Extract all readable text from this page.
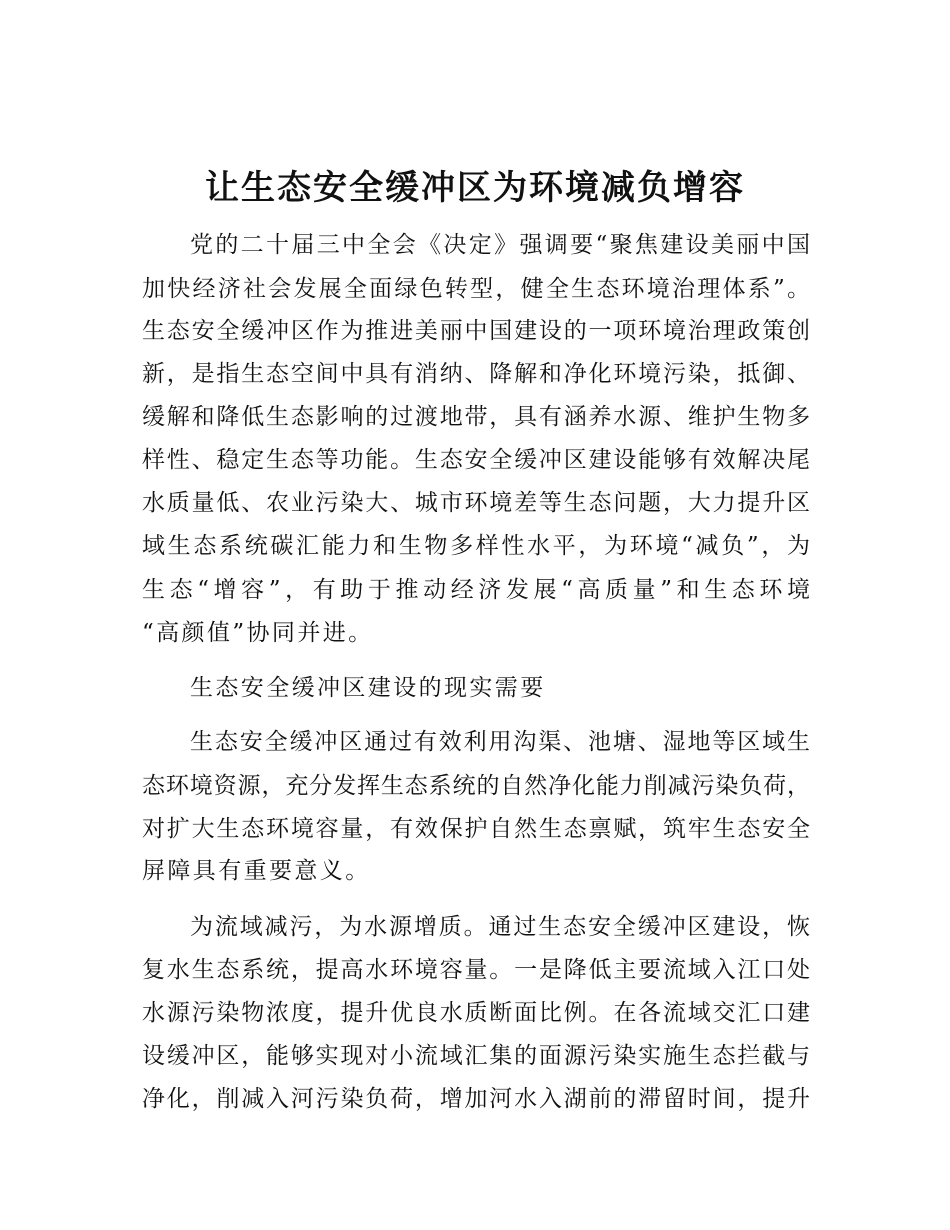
让生态安全缓冲区为环境减负增容
党的二十届三中全会《决定》强调要“聚焦建设美丽中国
加快经济社会发展全面绿色转型，健全生态环境治理体系”。
生态安全缓冲区作为推进美丽中国建设的一项环境治理政策创
新，是指生态空间中具有消纳、降解和净化环境污染，抵御、
缓解和降低生态影响的过渡地带，具有涵养水源、维护生物多
样性、稳定生态等功能。生态安全缓冲区建设能够有效解决尾
水质量低、农业污染大、城市环境差等生态问题，大力提升区
域生态系统碳汇能力和生物多样性水平，为环境“减负”，为
生态“增容”，有助于推动经济发展“高质量”和生态环境
“高颜值”协同并进。
生态安全缓冲区建设的现实需要
生态安全缓冲区通过有效利用沟渠、池塘、湿地等区域生
态环境资源，充分发挥生态系统的自然净化能力削减污染负荷，
对扩大生态环境容量，有效保护自然生态禀赋，筑牢生态安全
屏障具有重要意义。
为流域减污，为水源增质。通过生态安全缓冲区建设，恢
复水生态系统，提高水环境容量。一是降低主要流域入江口处
水源污染物浓度，提升优良水质断面比例。在各流域交汇口建
设缓冲区，能够实现对小流域汇集的面源污染实施生态拦截与
净化，削减入河污染负荷，增加河水入湖前的滞留时间，提升
